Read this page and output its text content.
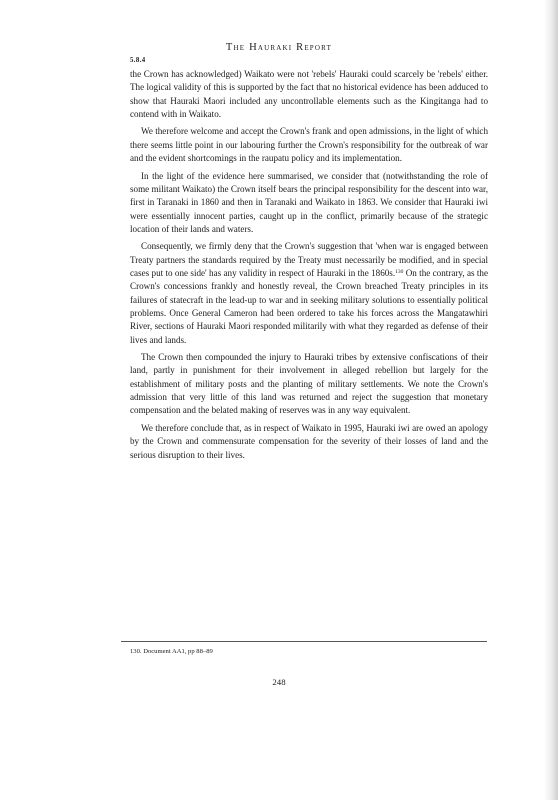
The Hauraki Report
5.8.4

the Crown has acknowledged) Waikato were not 'rebels' Hauraki could scarcely be 'rebels' either. The logical validity of this is supported by the fact that no historical evidence has been adduced to show that Hauraki Maori included any uncontrollable elements such as the Kingitanga had to contend with in Waikato.

We therefore welcome and accept the Crown's frank and open admissions, in the light of which there seems little point in our labouring further the Crown's responsibility for the outbreak of war and the evident shortcomings in the raupatu policy and its implementation.

In the light of the evidence here summarised, we consider that (notwithstanding the role of some militant Waikato) the Crown itself bears the principal responsibility for the descent into war, first in Taranaki in 1860 and then in Taranaki and Waikato in 1863. We consider that Hauraki iwi were essentially innocent parties, caught up in the conflict, primarily because of the strategic location of their lands and waters.

Consequently, we firmly deny that the Crown's suggestion that 'when war is engaged between Treaty partners the standards required by the Treaty must necessarily be modified, and in special cases put to one side' has any validity in respect of Hauraki in the 1860s.$^{130}$ On the contrary, as the Crown's concessions frankly and honestly reveal, the Crown breached Treaty principles in its failures of statecraft in the lead-up to war and in seeking military solutions to essentially political problems. Once General Cameron had been ordered to take his forces across the Mangatawhiri River, sections of Hauraki Maori responded militarily with what they regarded as defense of their lives and lands.

The Crown then compounded the injury to Hauraki tribes by extensive confiscations of their land, partly in punishment for their involvement in alleged rebellion but largely for the establishment of military posts and the planting of military settlements. We note the Crown's admission that very little of this land was returned and reject the suggestion that monetary compensation and the belated making of reserves was in any way equivalent.

We therefore conclude that, as in respect of Waikato in 1995, Hauraki iwi are owed an apology by the Crown and commensurate compensation for the severity of their losses of land and the serious disruption to their lives.

130. Document AA1, pp 88–89
248
